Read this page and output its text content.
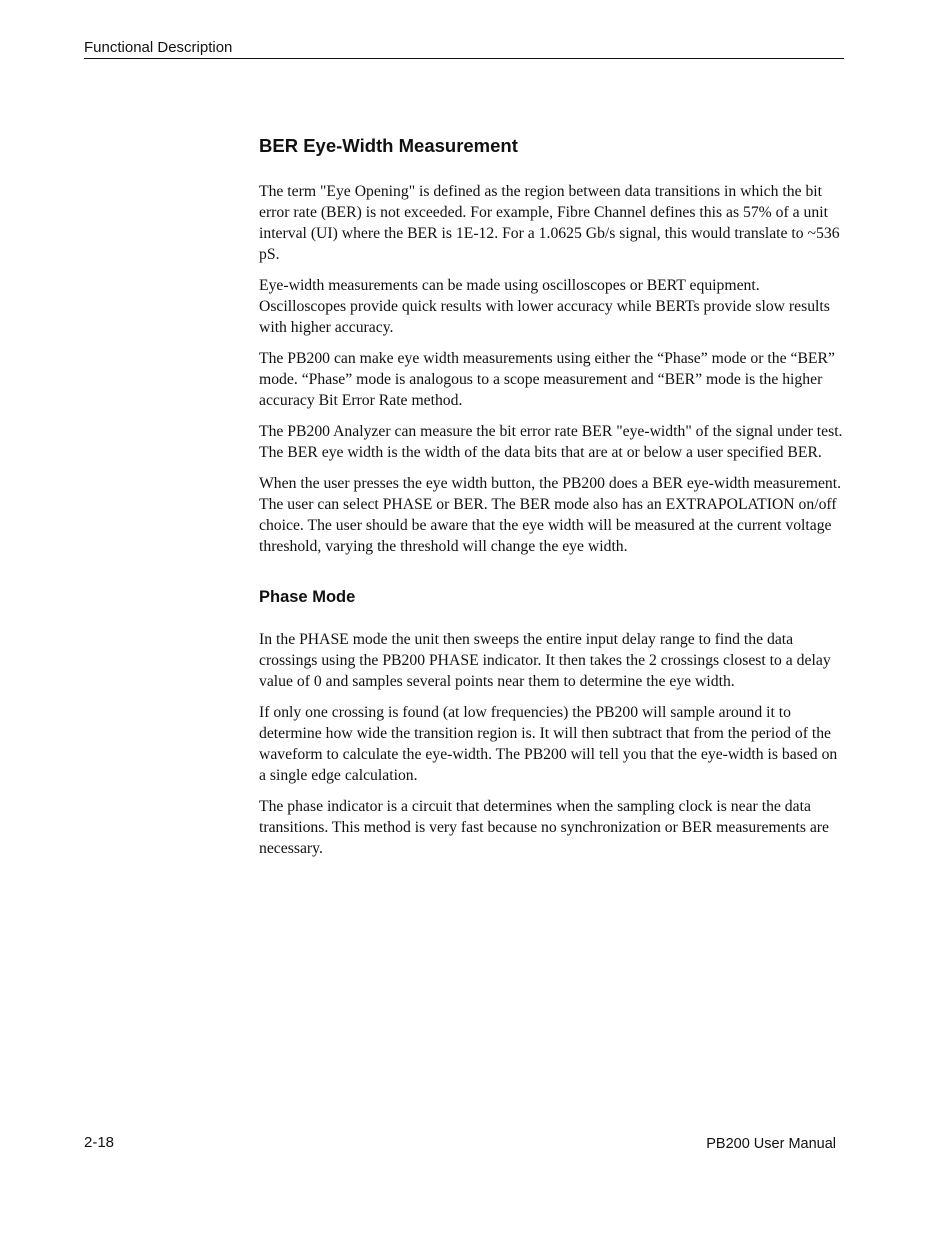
Functional Description
BER Eye-Width Measurement

The term "Eye Opening" is defined as the region between data transitions in which the bit error rate (BER) is not exceeded. For example, Fibre Channel defines this as 57% of a unit interval (UI) where the BER is 1E-12. For a 1.0625 Gb/s signal, this would translate to ~536 pS.

Eye-width measurements can be made using oscilloscopes or BERT equipment. Oscilloscopes provide quick results with lower accuracy while BERTs provide slow results with higher accuracy.

The PB200 can make eye width measurements using either the “Phase” mode or the “BER” mode. “Phase” mode is analogous to a scope measurement and “BER” mode is the higher accuracy Bit Error Rate method.

The PB200 Analyzer can measure the bit error rate BER "eye-width" of the signal under test. The BER eye width is the width of the data bits that are at or below a user specified BER.

When the user presses the eye width button, the PB200 does a BER eye-width measurement. The user can select PHASE or BER. The BER mode also has an EXTRAPOLATION on/off choice. The user should be aware that the eye width will be measured at the current voltage threshold, varying the threshold will change the eye width.

Phase Mode

In the PHASE mode the unit then sweeps the entire input delay range to find the data crossings using the PB200 PHASE indicator. It then takes the 2 crossings closest to a delay value of 0 and samples several points near them to determine the eye width.

If only one crossing is found (at low frequencies) the PB200 will sample around it to determine how wide the transition region is. It will then subtract that from the period of the waveform to calculate the eye-width. The PB200 will tell you that the eye-width is based on a single edge calculation.

The phase indicator is a circuit that determines when the sampling clock is near the data transitions. This method is very fast because no synchronization or BER measurements are necessary.

2-18	PB200 User Manual
